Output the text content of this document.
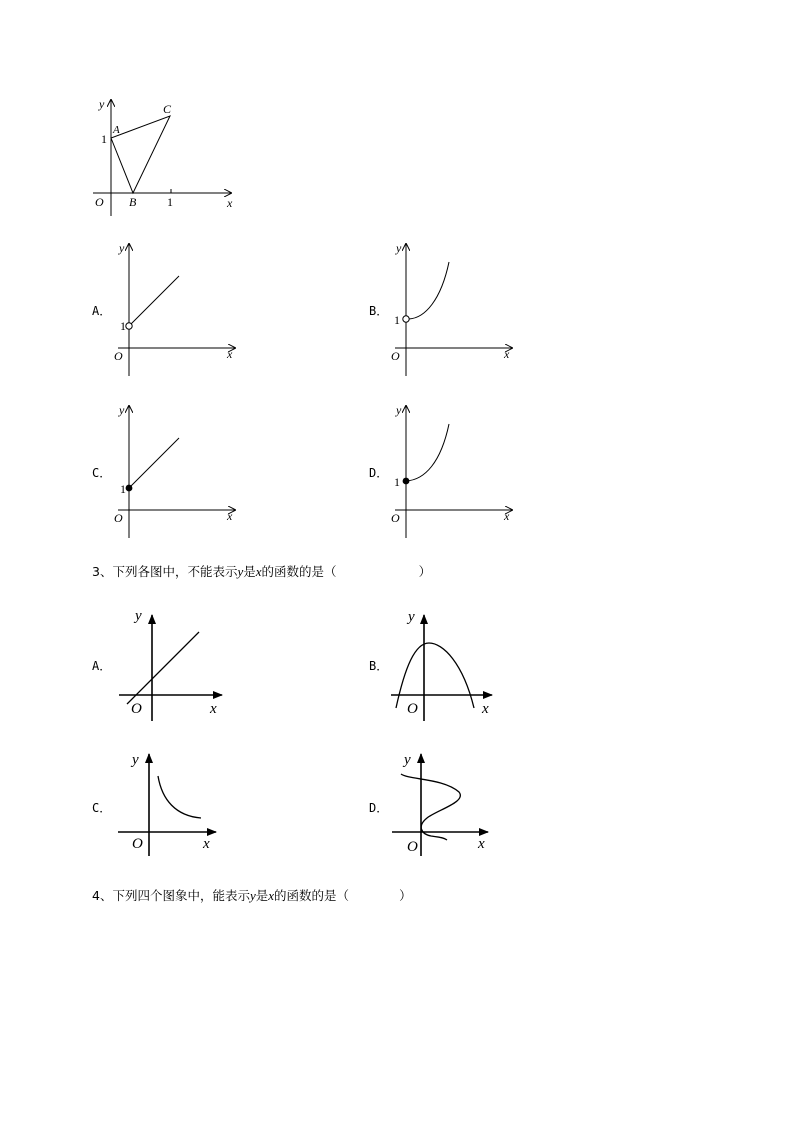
y
x
O
1
1
A
B
C
A．
y
x
O
1
B．
y
x
O
1
C．
y
x
O
1
D．
y
x
O
1
3、下列各图中，不能表示y是x的函数的是（	）
A．
y
x
O
B．
y
x
O
C．
y
x
O
D．
y
x
O
4、下列四个图象中，能表示y是x的函数的是（	）
